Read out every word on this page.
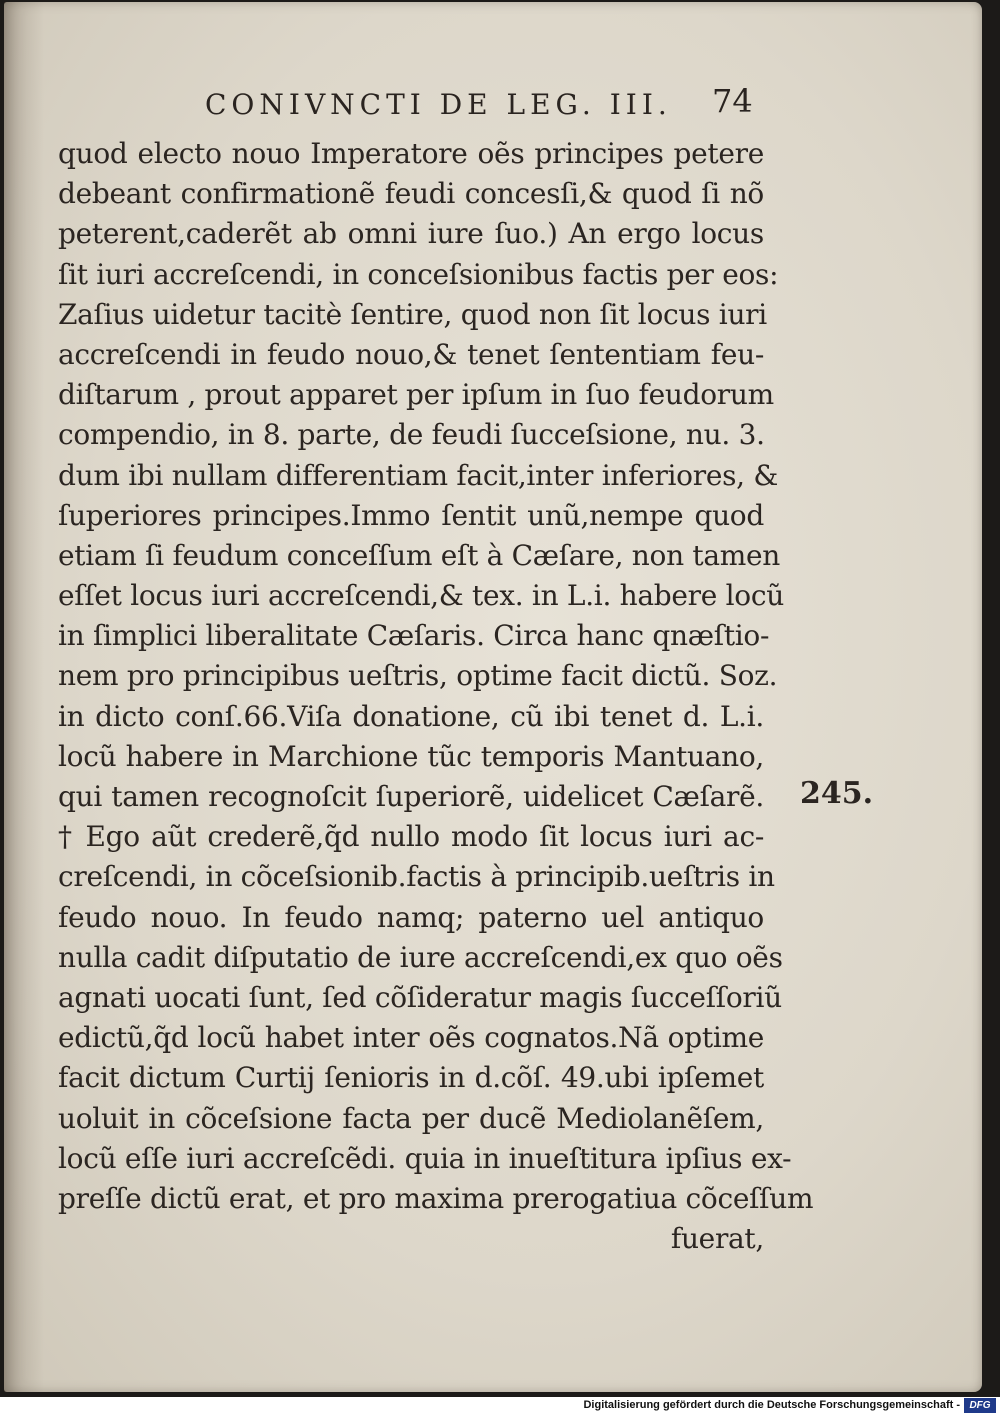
CONIVNCTI DE LEG. III. 74
quod electo nouo Imperatore oẽs principes petere
debeant confirmationẽ feudi concesſi,& quod ſi nõ
peterent,caderẽt ab omni iure ſuo.) An ergo locus
ſit iuri accreſcendi, in conceſsionibus factis per eos:
Zaſius uidetur tacitè ſentire, quod non ſit locus iuri
accreſcendi in feudo nouo,& tenet ſententiam feu-
diſtarum , prout apparet per ipſum in ſuo feudorum
compendio, in 8. parte, de feudi ſucceſsione, nu. 3.
dum ibi nullam differentiam facit,inter inferiores, &
ſuperiores principes.Immo ſentit unũ,nempe quod
etiam ſi feudum conceſſum eſt à Cæſare, non tamen
eſſet locus iuri accreſcendi,& tex. in L.i. habere locũ
in ſimplici liberalitate Cæſaris. Circa hanc qnæſtio-
nem pro principibus ueſtris, optime facit dictũ. Soz.
in dicto conſ.66.Viſa donatione, cũ ibi tenet d. L.i.
locũ habere in Marchione tũc temporis Mantuano,
qui tamen recognoſcit ſuperiorẽ, uidelicet Cæſarẽ.
† Ego aũt crederẽ,q̃d nullo modo ſit locus iuri ac-
creſcendi, in cõceſsionib.factis à principib.ueſtris in
feudo nouo. In feudo namq; paterno uel antiquo
nulla cadit diſputatio de iure accreſcendi,ex quo oẽs
agnati uocati ſunt, ſed cõſideratur magis ſucceſſoriũ
edictũ,q̃d locũ habet inter oẽs cognatos.Nã optime
facit dictum Curtij ſenioris in d.cõſ. 49.ubi ipſemet
uoluit in cõceſsione facta per ducẽ Mediolanẽſem,
locũ eſſe iuri accreſcẽdi. quia in inueſtitura ipſius ex-
preſſe dictũ erat, et pro maxima prerogatiua cõceſſum
fuerat,
245.
Digitalisierung gefördert durch die Deutsche Forschungsgemeinschaft - DFG
